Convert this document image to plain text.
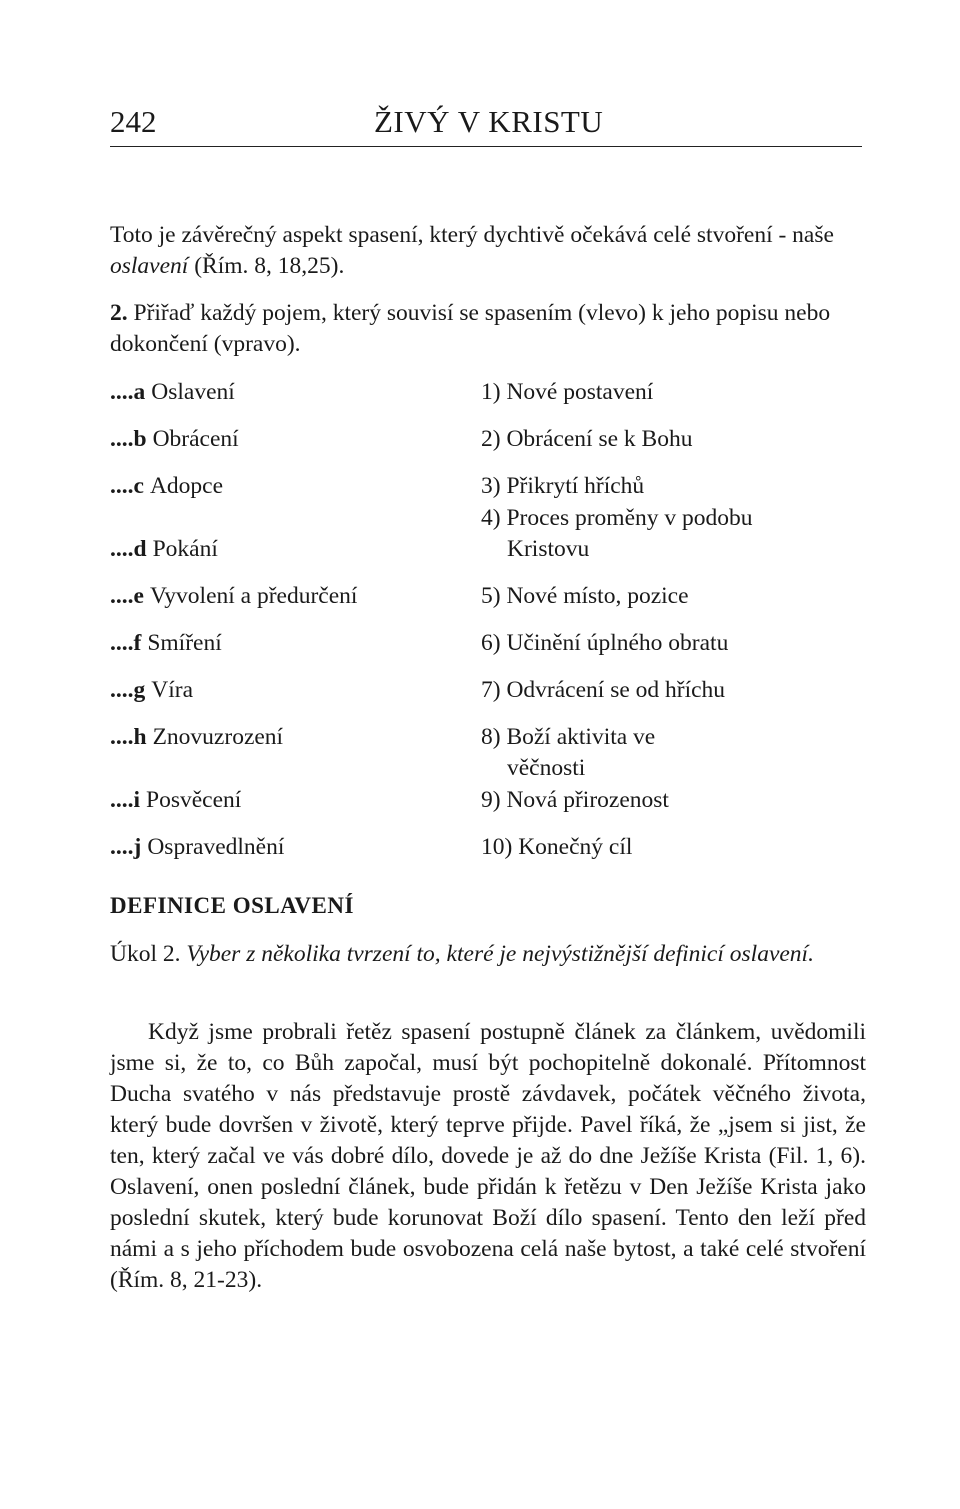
242	ŽIVÝ V KRISTU

Toto je závěrečný aspekt spasení, který dychtivě očekává celé stvoření - naše oslavení (Řím. 8, 18,25).

2. Přiřaď každý pojem, který souvisí se spasením (vlevo) k jeho popisu nebo dokončení (vpravo).

....a Oslavení
....b Obrácení
....c Adopce
....d Pokání
....e Vyvolení a předurčení
....f Smíření
....g Víra
....h Znovuzrození
....i Posvěcení
....j Ospravedlnění
1) Nové postavení
2) Obrácení se k Bohu
3) Přikrytí hříchů
4) Proces proměny v podobu
Kristovu
5) Nové místo, pozice
6) Učinění úplného obratu
7) Odvrácení se od hříchu
8) Boží aktivita ve
věčnosti
9) Nová přirozenost
10) Konečný cíl
DEFINICE OSLAVENÍ

Úkol 2. Vyber z několika tvrzení to, které je nejvýstižnější definicí oslavení.

Když jsme probrali řetěz spasení postupně článek za článkem, uvědomili jsme si, že to, co Bůh započal, musí být pochopitelně dokonalé. Přítomnost Ducha svatého v nás představuje prostě závdavek, počátek věčného života, který bude dovršen v životě, který teprve přijde. Pavel říká, že „jsem si jist, že ten, který začal ve vás dobré dílo, dovede je až do dne Ježíše Krista (Fil. 1, 6). Oslavení, onen poslední článek, bude přidán k řetězu v Den Ježíše Krista jako poslední skutek, který bude korunovat Boží dílo spasení. Tento den leží před námi a s jeho příchodem bude osvobozena celá naše bytost, a také celé stvoření (Řím. 8, 21-23).
